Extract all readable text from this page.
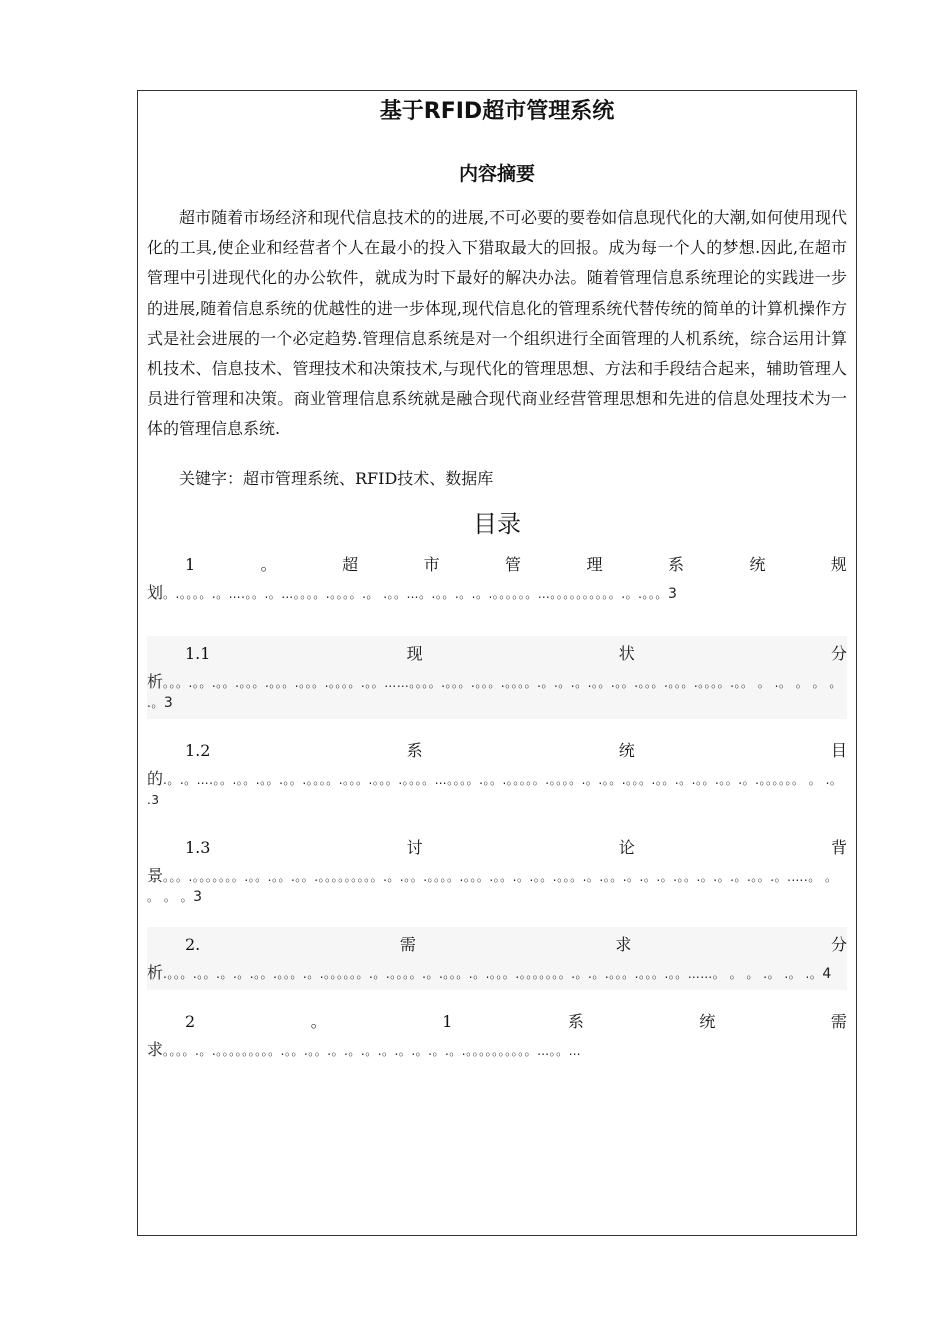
基于RFID超市管理系统
内容摘要

超市随着市场经济和现代信息技术的的进展,不可必要的要卷如信息现代化的大潮,如何使用现代化的工具,使企业和经营者个人在最小的投入下猎取最大的回报。成为每一个人的梦想.因此,在超市管理中引进现代化的办公软件，就成为时下最好的解决办法。随着管理信息系统理论的实践进一步的进展,随着信息系统的优越性的进一步体现,现代信息化的管理系统代替传统的简单的计算机操作方式是社会进展的一个必定趋势.管理信息系统是对一个组织进行全面管理的人机系统，综合运用计算机技术、信息技术、管理技术和决策技术,与现代化的管理思想、方法和手段结合起来，辅助管理人员进行管理和决策。商业管理信息系统就是融合现代商业经营管理思想和先进的信息处理技术为一体的管理信息系统.

关键字：超市管理系统、RFID技术、数据库

目录
1	。	超	市	管	理	系	统	规
划。.。。。。.。….。。.。…。。。。.。。。。.。 .。。…。.。。.。.。.。。。。。。…。。。。。。。。。。.。.。。。3
1.1	现	状	分
析。。。.。。.。。.。。。.。。。.。。。.。。。。.。。……。。。。.。。。.。。。.。。。。.。.。.。.。。.。。.。。。.。。。.。。。。.。。 。 .。 。 。 。 .。3
1.2	系	统	目
的.。.。….。。.。。.。。.。。.。。。。.。。。.。。。.。。。。…。。。。.。。.。。。。。.。。。。.。.。。.。。。.。。.。.。。.。。.。.。。。。。。 。 .。 .3
1.3	讨	论	背
景。。。.。。。。。。。.。。.。。.。。.。。。。。。。。。.。.。。.。。。。.。。。.。。.。.。。.。。。.。.。。.。.。.。.。。.。.。.。.。。.。.….。 。 。 。 。3
2.	需	求	分
析.。。。.。。.。.。.。。.。。。.。.。。。。。。.。.。。。。.。.。。。.。.。。。.。。。。。。。.。.。.。。。.。。。.。。……。 。 。 .。 .。 .。4
2	。	1	系	统	需
求。。。。.。.。。。。。。。。。.。。.。。.。.。.。.。.。.。.。.。.。。。。。。。。。。…。。…
